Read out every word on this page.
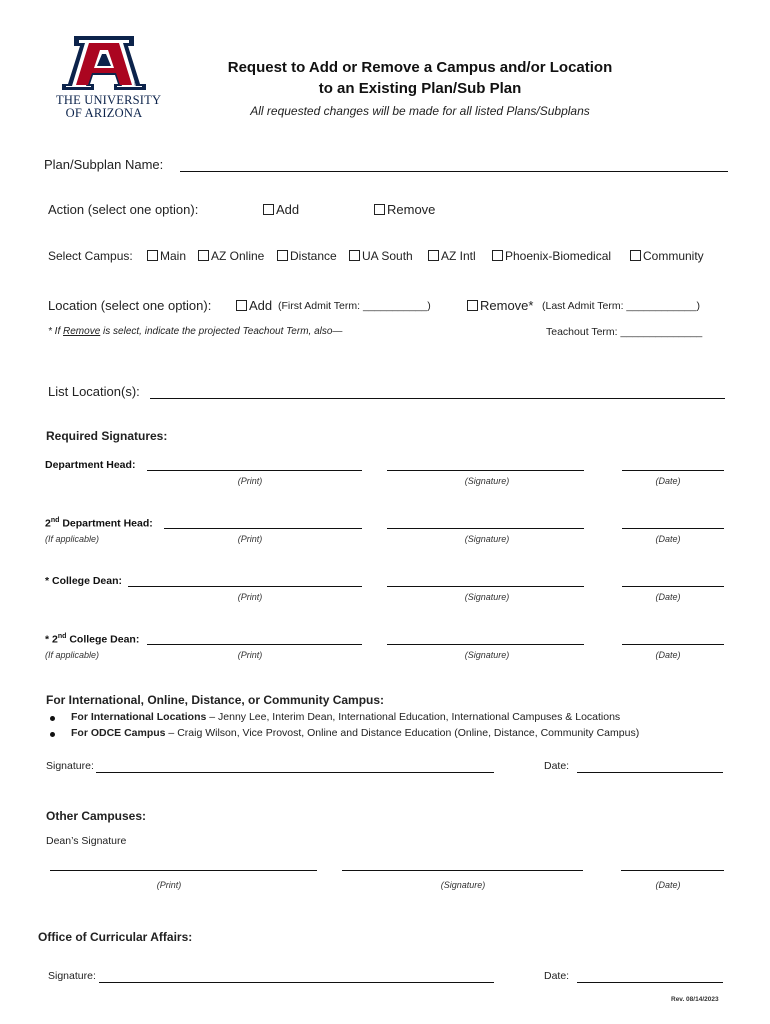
THE UNIVERSITY
OF ARIZONA
®
Request to Add or Remove a Campus and/or Location
to an Existing Plan/Sub Plan
All requested changes will be made for all listed Plans/Subplans
Plan/Subplan Name:
Action (select one option):	Add	Remove
Select Campus:	Main	AZ Online	Distance	UA South	AZ Intl	Phoenix-Biomedical	Community
Location (select one option):	Add (First Admit Term: ___________)	Remove* (Last Admit Term: ____________)
* If Remove is select, indicate the projected Teachout Term, also—	Teachout Term: ______________
List Location(s):
Required Signatures:
Department Head:
(Print)	(Signature)	(Date)
2nd Department Head:
(If applicable)	(Print)	(Signature)	(Date)
* College Dean:
(Print)	(Signature)	(Date)
* 2nd College Dean:
(If applicable)	(Print)	(Signature)	(Date)
For International, Online, Distance, or Community Campus:
For International Locations – Jenny Lee, Interim Dean, International Education, International Campuses & Locations
For ODCE Campus – Craig Wilson, Vice Provost, Online and Distance Education (Online, Distance, Community Campus)
Signature:	Date:
Other Campuses:
Dean’s Signature
(Print)	(Signature)	(Date)
Office of Curricular Affairs:
Signature:	Date:
Rev. 08/14/2023
